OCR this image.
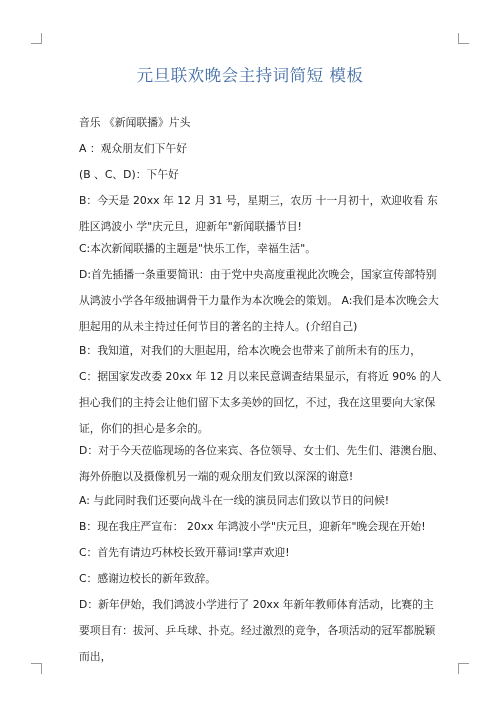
元旦联欢晚会主持词简短 模板

音乐 《新闻联播》片头

A ：观众朋友们下午好

(B 、C、D)：下午好

B：今天是 20xx 年 12 月 31 号，星期三，农历 十一月初十，欢迎收看 东胜区鸿波小 学"庆元旦，迎新年"新闻联播节目!

C:本次新闻联播的主题是"快乐工作，幸福生活"。

D:首先插播一条重要简讯：由于党中央高度重视此次晚会，国家宣传部特别从鸿波小学各年级抽调骨干力量作为本次晚会的策划。 A:我们是本次晚会大胆起用的从未主持过任何节目的著名的主持人。(介绍自己)

B：我知道，对我们的大胆起用，给本次晚会也带来了前所未有的压力，

C：据国家发改委 20xx 年 12 月以来民意调查结果显示，有将近 90% 的人担心我们的主持会让他们留下太多美妙的回忆，不过，我在这里要向大家保证，你们的担心是多余的。

D：对于今天莅临现场的各位来宾、各位领导、女士们、先生们、港澳台胞、海外侨胞以及摄像机另一端的观众朋友们致以深深的谢意!

A: 与此同时我们还要向战斗在一线的演员同志们致以节日的问候!

B：现在我庄严宣布： 20xx 年鸿波小学"庆元旦，迎新年"晚会现在开始!

C：首先有请边巧林校长致开幕词!掌声欢迎!

C：感谢边校长的新年致辞。

D：新年伊始，我们鸿波小学进行了 20xx 年新年教师体育活动，比赛的主要项目有：拔河、乒乓球、扑克。经过激烈的竞争，各项活动的冠军都脱颖而出，
